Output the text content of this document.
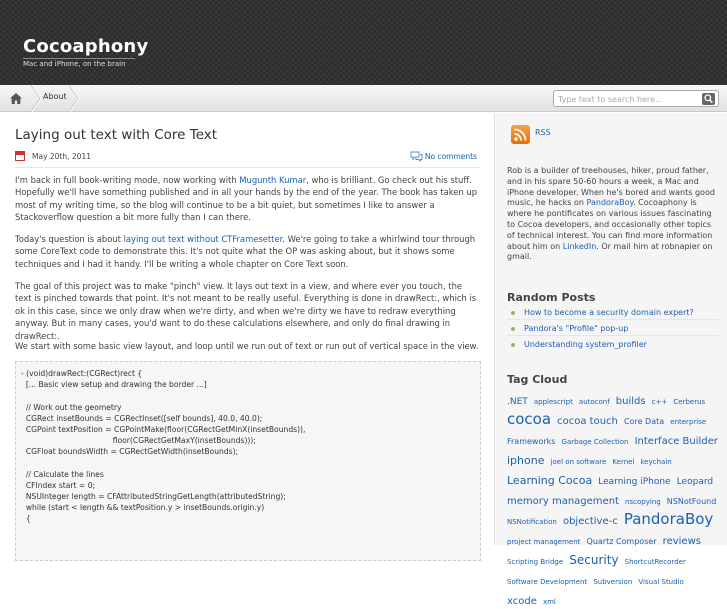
Cocoaphony
Mac and iPhone, on the brain
About
Type text to search here...
Laying out text with Core Text
May 20th, 2011	No comments
I'm back in full book-writing mode, now working with Mugunth Kumar, who is brilliant. Go check out his stuff. Hopefully we'll have something published and in all your hands by the end of the year. The book has taken up most of my writing time, so the blog will continue to be a bit quiet, but sometimes I like to answer a Stackoverflow question a bit more fully than I can there.
Today's question is about laying out text without CTFramesetter. We're going to take a whirlwind tour through some CoreText code to demonstrate this. It's not quite what the OP was asking about, but it shows some techniques and I had it handy. I'll be writing a whole chapter on Core Text soon.
The goal of this project was to make "pinch" view. It lays out text in a view, and where ever you touch, the text is pinched towards that point. It's not meant to be really useful. Everything is done in drawRect:, which is ok in this case, since we only draw when we're dirty, and when we're dirty we have to redraw everything anyway. But in many cases, you'd want to do these calculations elsewhere, and only do final drawing in drawRect:.
We start with some basic view layout, and loop until we run out of text or run out of vertical space in the view.
- (void)drawRect:(CGRect)rect {
[... Basic view setup and drawing the border ...]
// Work out the geometry
CGRect insetBounds = CGRectInset([self bounds], 40.0, 40.0);
CGPoint textPosition = CGPointMake(floor(CGRectGetMinX(insetBounds)),
floor(CGRectGetMaxY(insetBounds)));
CGFloat boundsWidth = CGRectGetWidth(insetBounds);
// Calculate the lines
CFIndex start = 0;
NSUInteger length = CFAttributedStringGetLength(attributedString);
while (start < length && textPosition.y > insetBounds.origin.y)
{
RSS
Rob is a builder of treehouses, hiker, proud father, and in his spare 50-60 hours a week, a Mac and iPhone developer. When he's bored and wants good music, he hacks on PandoraBoy. Cocoaphony is where he pontificates on various issues fascinating to Cocoa developers, and occasionally other topics of technical interest. You can find more information about him on LinkedIn. Or mail him at robnapier on gmail.
Random Posts
How to become a security domain expert?
Pandora's "Profile" pop-up
Understanding system_profiler
Tag Cloud
.NET applescript autoconf builds c++ Cerberus cocoa cocoa touch Core Data enterprise Frameworks Garbage Collection Interface Builder iphone joel on software Kernel keychain Learning Cocoa Learning iPhone Leopard memory management nscopying NSNotFound NSNotification objective-c PandoraBoy project management Quartz Composer reviews Scripting Bridge Security ShortcutRecorder Software Development Subversion Visual Studio xcode xml
